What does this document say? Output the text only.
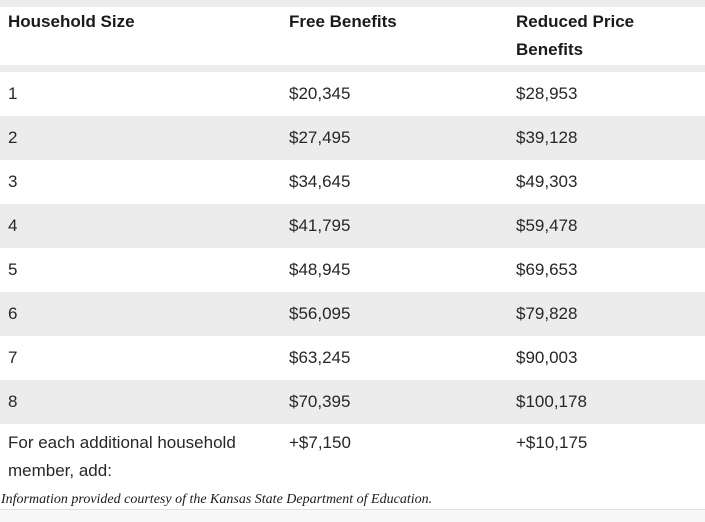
Household Size	Free Benefits	Reduced Price Benefits
1	$20,345	$28,953
2	$27,495	$39,128
3	$34,645	$49,303
4	$41,795	$59,478
5	$48,945	$69,653
6	$56,095	$79,828
7	$63,245	$90,003
8	$70,395	$100,178
For each additional household member, add:	+$7,150	+$10,175
Information provided courtesy of the Kansas State Department of Education.
